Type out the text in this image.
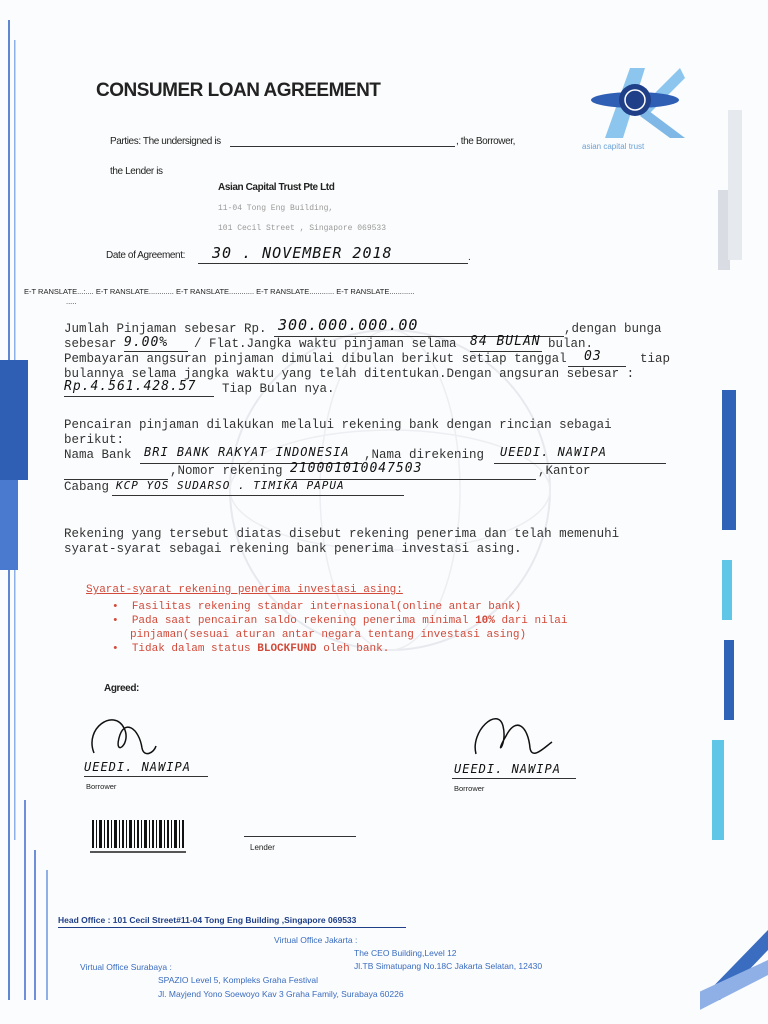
CONSUMER LOAN AGREEMENT
asian capital trust
Parties: The undersigned is	, the Borrower,
the Lender is
Asian Capital Trust Pte Ltd
11-04 Tong Eng Building,
101 Cecil Street , Singapore 069533
Date of Agreement: 30 . NOVEMBER 2018	.
E-T RANSLATE...:.... E-T RANSLATE............ E-T RANSLATE............ E-T RANSLATE............ E-T RANSLATE............
.....
Jumlah Pinjaman sebesar Rp. 300.000.000.00	,dengan bunga
sebesar 9.00% / Flat.Jangka waktu pinjaman selama 84 BULAN bulan.
Pembayaran angsuran pinjaman dimulai dibulan berikut setiap tanggal 03	tiap
bulannya selama jangka waktu yang telah ditentukan.Dengan angsuran sebesar :
Rp.4.561.428.57 Tiap Bulan nya.
Pencairan pinjaman dilakukan melalui rekening bank dengan rincian sebagai
berikut:
Nama Bank BRI BANK RAKYAT INDONESIA ,Nama direkening UEEDI. NAWIPA
,Nomor rekening 210001010047503	,Kantor
Cabang KCP YOS SUDARSO . TIMIKA PAPUA
Rekening yang tersebut diatas disebut rekening penerima dan telah memenuhi
syarat-syarat sebagai rekening bank penerima investasi asing.
Syarat-syarat rekening penerima investasi asing:
•  Fasilitas rekening standar internasional(online antar bank)
•  Pada saat pencairan saldo rekening penerima minimal 10% dari nilai
pinjaman(sesuai aturan antar negara tentang investasi asing)
•  Tidak dalam status BLOCKFUND oleh bank.
Agreed:
UEEDI. NAWIPA
Borrower
UEEDI. NAWIPA
Borrower
Lender
Head Office : 101 Cecil Street#11-04 Tong Eng Building ,Singapore 069533
Virtual Office Jakarta :
The CEO Building,Level 12
Jl.TB Simatupang No.18C Jakarta Selatan, 12430
Virtual Office Surabaya :
SPAZIO Level 5, Kompleks Graha Festival
Jl. Mayjend Yono Soewoyo Kav 3 Graha Family, Surabaya 60226
